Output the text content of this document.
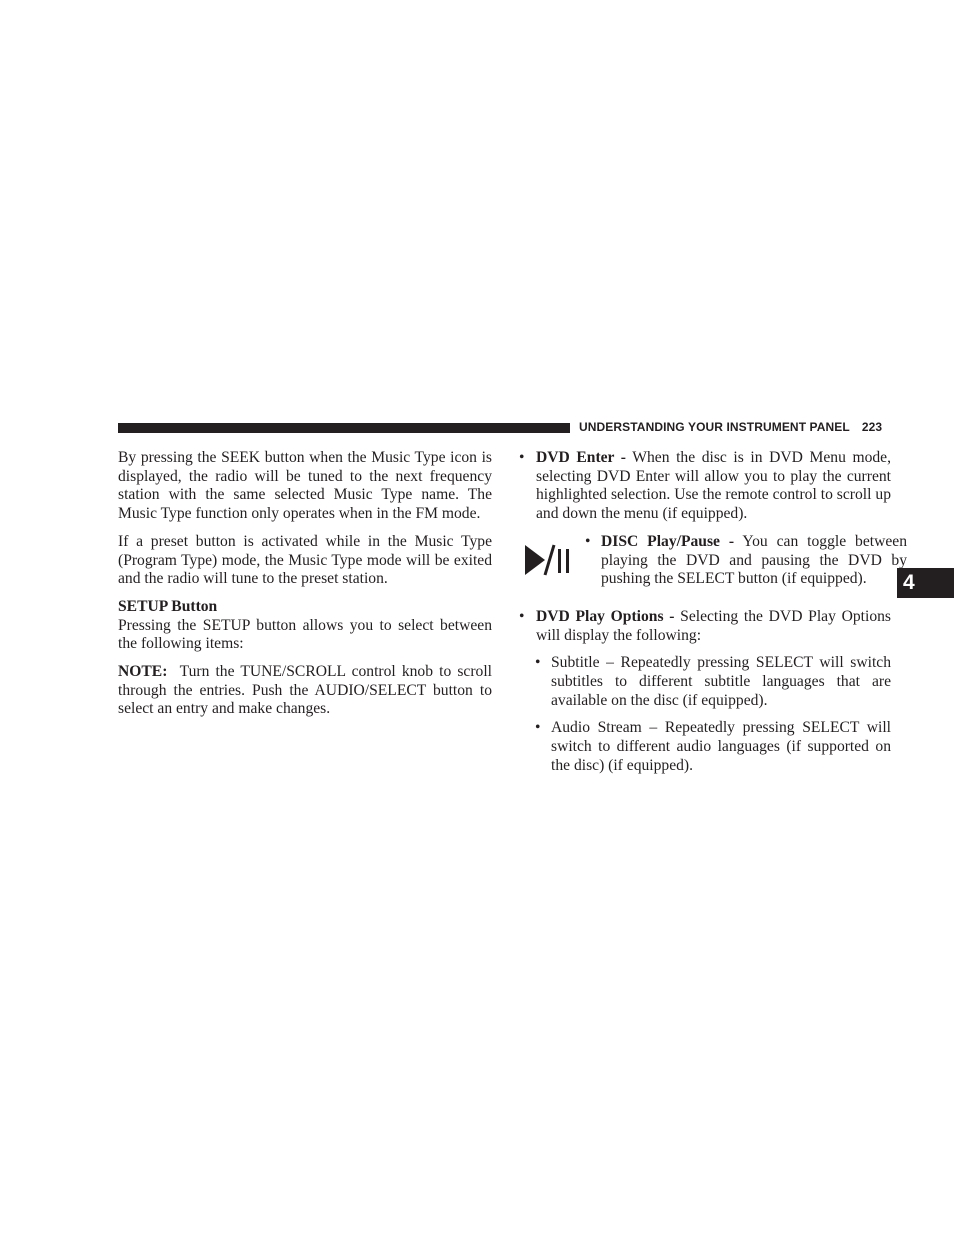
UNDERSTANDING YOUR INSTRUMENT PANEL 223
4

By pressing the SEEK button when the Music Type icon is displayed, the radio will be tuned to the next frequency station with the same selected Music Type name. The Music Type function only operates when in the FM mode.

If a preset button is activated while in the Music Type (Program Type) mode, the Music Type mode will be exited and the radio will tune to the preset station.

SETUP Button

Pressing the SETUP button allows you to select between the following items:

NOTE: Turn the TUNE/SCROLL control knob to scroll through the entries. Push the AUDIO/SELECT button to select an entry and make changes.

• DVD Enter - When the disc is in DVD Menu mode, selecting DVD Enter will allow you to play the current highlighted selection. Use the remote control to scroll up and down the menu (if equipped).
• DISC Play/Pause - You can toggle between playing the DVD and pausing the DVD by pushing the SELECT button (if equipped).
• DVD Play Options - Selecting the DVD Play Options will display the following:
• Subtitle – Repeatedly pressing SELECT will switch subtitles to different subtitle languages that are available on the disc (if equipped).
• Audio Stream – Repeatedly pressing SELECT will switch to different audio languages (if supported on the disc) (if equipped).
